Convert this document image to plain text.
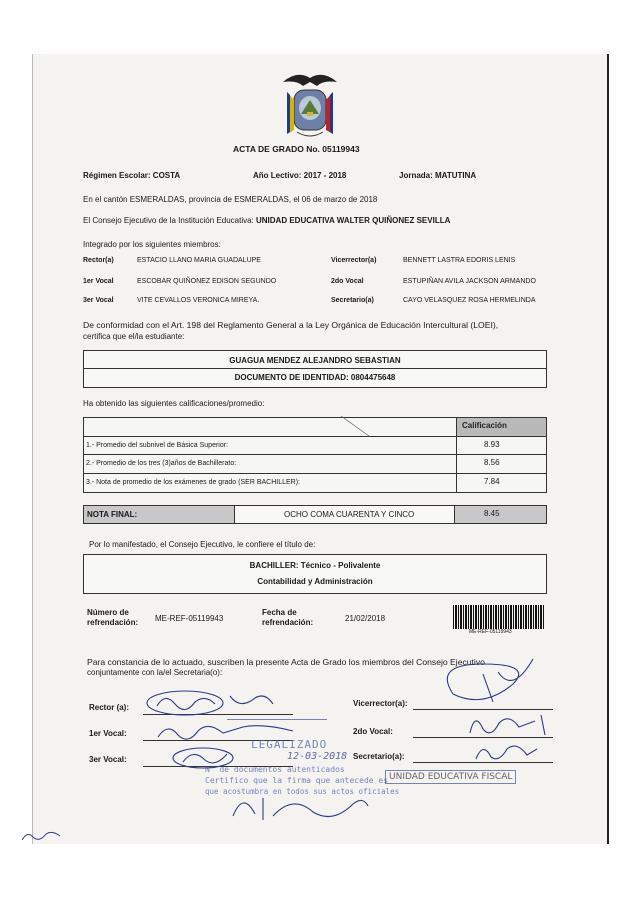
ACTA DE GRADO No. 05119943
Régimen Escolar: COSTA	Año Lectivo: 2017 - 2018	Jornada: MATUTINA
En el cantón ESMERALDAS, provincia de ESMERALDAS, el 06 de marzo de 2018
El Consejo Ejecutivo de la Institución Educativa: UNIDAD EDUCATIVA WALTER QUIÑONEZ SEVILLA
Integrado por los siguientes miembros:
Rector(a)	ESTACIO LLANO MARIA GUADALUPE	Vicerrector(a)	BENNETT LASTRA EDORIS LENIS
1er Vocal	ESCOBAR QUIÑONEZ EDISON SEGUNDO	2do Vocal	ESTUPIÑAN AVILA JACKSON ARMANDO
3er Vocal	VITE CEVALLOS VERONICA MIREYA.	Secretario(a)	CAYO VELASQUEZ ROSA HERMELINDA
De conformidad con el Art. 198 del Reglamento General a la Ley Orgánica de Educación Intercultural (LOEI),
certifica que el/la estudiante:
GUAGUA MENDEZ ALEJANDRO SEBASTIAN
DOCUMENTO DE IDENTIDAD: 0804475648
Ha obtenido las siguientes calificaciones/promedio:
Calificación
1.- Promedio del subnivel de Básica Superior:	8.93
2.- Promedio de los tres (3)años de Bachillerato:	8.56
3.- Nota de promedio de los exámenes de grado (SER BACHILLER):	7.84
NOTA FINAL:	OCHO COMA CUARENTA Y CINCO	8.45
Por lo manifestado, el Consejo Ejecutivo, le confiere el título de:
BACHILLER: Técnico - Polivalente
Contabilidad y Administración
Número de
refrendación: ME-REF-05119943
Fecha de
refrendación:	21/02/2018
ME-REF-05119943
Para constancia de lo actuado, suscriben la presente Acta de Grado los miembros del Consejo Ejecutivo
conjuntamente con la/el Secretaria(o):
Rector (a):	Vicerrector(a):
1er Vocal:	2do Vocal:
3er Vocal:	Secretario(a):
LEGALIZADO
12-03-2018
N° de documentos autenticados
Certifico que la firma que antecede es
que acostumbra en todos sus actos oficiales
UNIDAD EDUCATIVA FISCAL
